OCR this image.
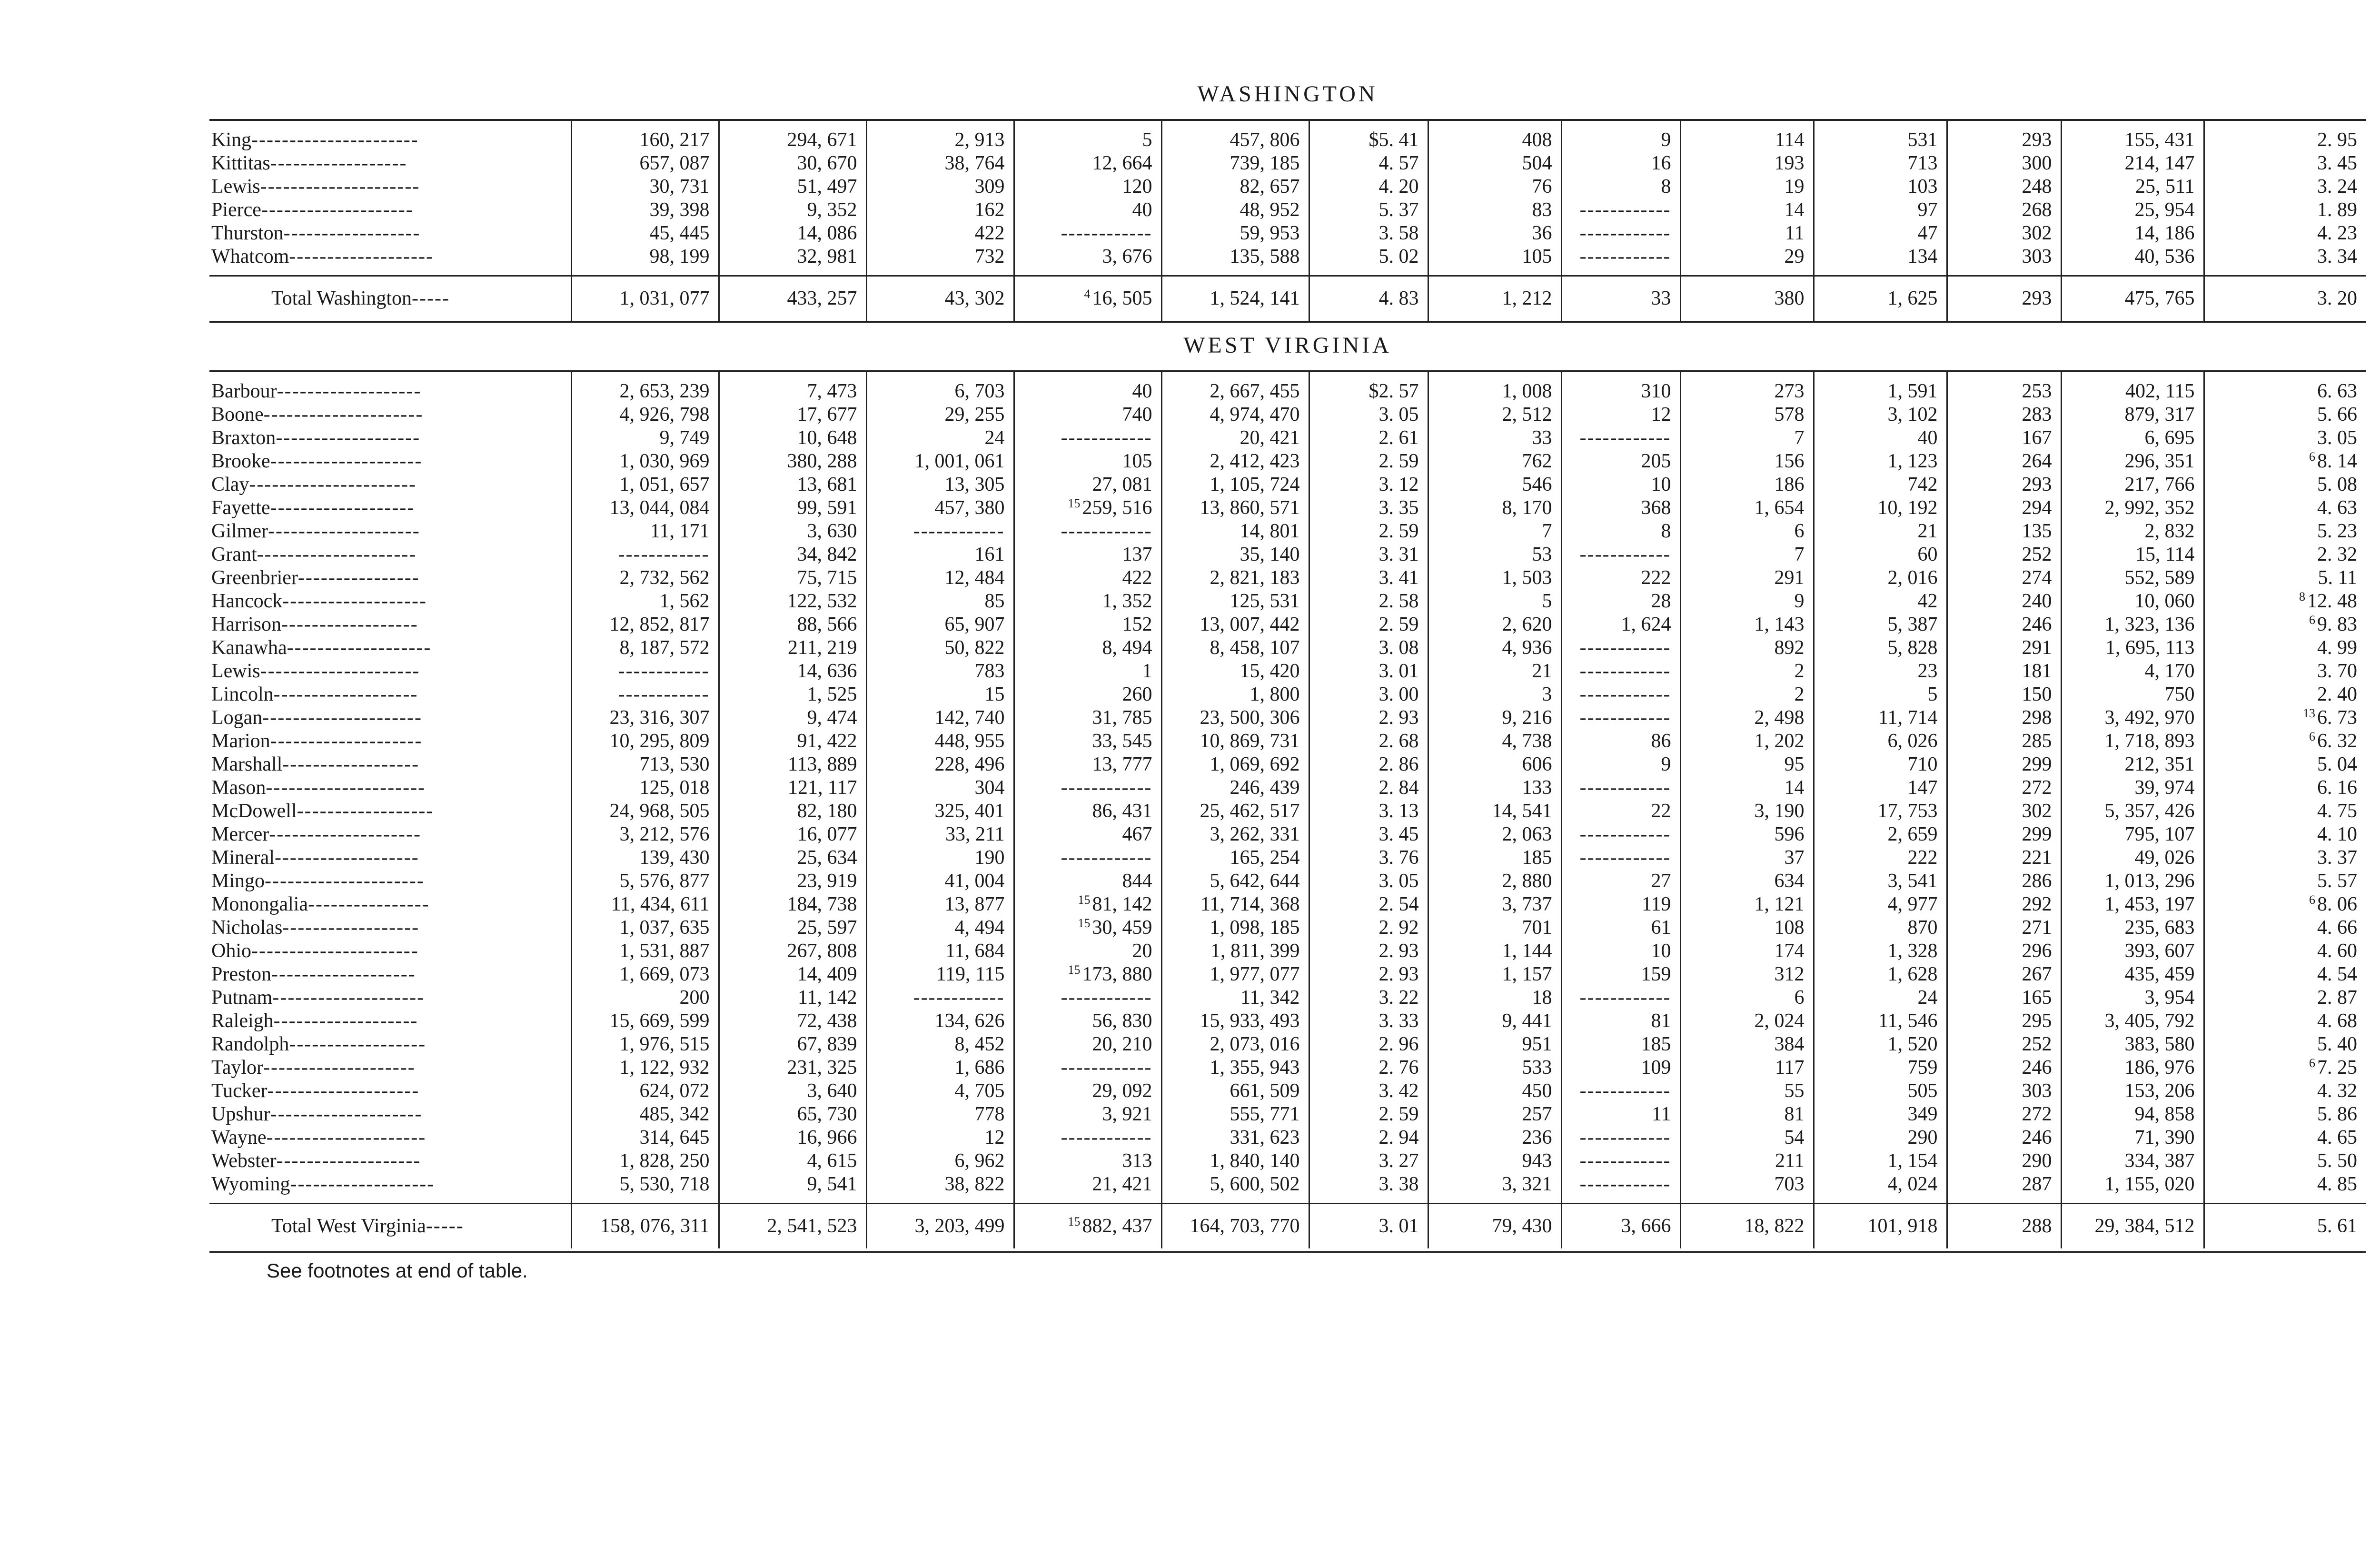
WASHINGTON
King----------------------	160, 217	294, 671	2, 913	5	457, 806	$5. 41	408	9	114	531	293	155, 431	2. 95
Kittitas------------------	657, 087	30, 670	38, 764	12, 664	739, 185	4. 57	504	16	193	713	300	214, 147	3. 45
Lewis---------------------	30, 731	51, 497	309	120	82, 657	4. 20	76	8	19	103	248	25, 511	3. 24
Pierce--------------------	39, 398	9, 352	162	40	48, 952	5. 37	83	------------	14	97	268	25, 954	1. 89
Thurston------------------	45, 445	14, 086	422	------------	59, 953	3. 58	36	------------	11	47	302	14, 186	4. 23
Whatcom-------------------	98, 199	32, 981	732	3, 676	135, 588	5. 02	105	------------	29	134	303	40, 536	3. 34
Total Washington-----	1, 031, 077	433, 257	43, 302	$^4$16, 505	1, 524, 141	4. 83	1, 212	33	380	1, 625	293	475, 765	3. 20
WEST VIRGINIA
Barbour-------------------	2, 653, 239	7, 473	6, 703	40	2, 667, 455	$2. 57	1, 008	310	273	1, 591	253	402, 115	6. 63
Boone---------------------	4, 926, 798	17, 677	29, 255	740	4, 974, 470	3. 05	2, 512	12	578	3, 102	283	879, 317	5. 66
Braxton-------------------	9, 749	10, 648	24	------------	20, 421	2. 61	33	------------	7	40	167	6, 695	3. 05
Brooke--------------------	1, 030, 969	380, 288	1, 001, 061	105	2, 412, 423	2. 59	762	205	156	1, 123	264	296, 351	$^6$8. 14
Clay----------------------	1, 051, 657	13, 681	13, 305	27, 081	1, 105, 724	3. 12	546	10	186	742	293	217, 766	5. 08
Fayette-------------------	13, 044, 084	99, 591	457, 380	$^{15}$259, 516	13, 860, 571	3. 35	8, 170	368	1, 654	10, 192	294	2, 992, 352	4. 63
Gilmer--------------------	11, 171	3, 630	------------	------------	14, 801	2. 59	7	8	6	21	135	2, 832	5. 23
Grant---------------------	------------	34, 842	161	137	35, 140	3. 31	53	------------	7	60	252	15, 114	2. 32
Greenbrier----------------	2, 732, 562	75, 715	12, 484	422	2, 821, 183	3. 41	1, 503	222	291	2, 016	274	552, 589	5. 11
Hancock-------------------	1, 562	122, 532	85	1, 352	125, 531	2. 58	5	28	9	42	240	10, 060	$^8$12. 48
Harrison------------------	12, 852, 817	88, 566	65, 907	152	13, 007, 442	2. 59	2, 620	1, 624	1, 143	5, 387	246	1, 323, 136	$^6$9. 83
Kanawha-------------------	8, 187, 572	211, 219	50, 822	8, 494	8, 458, 107	3. 08	4, 936	------------	892	5, 828	291	1, 695, 113	4. 99
Lewis---------------------	------------	14, 636	783	1	15, 420	3. 01	21	------------	2	23	181	4, 170	3. 70
Lincoln-------------------	------------	1, 525	15	260	1, 800	3. 00	3	------------	2	5	150	750	2. 40
Logan---------------------	23, 316, 307	9, 474	142, 740	31, 785	23, 500, 306	2. 93	9, 216	------------	2, 498	11, 714	298	3, 492, 970	$^{13}$6. 73
Marion--------------------	10, 295, 809	91, 422	448, 955	33, 545	10, 869, 731	2. 68	4, 738	86	1, 202	6, 026	285	1, 718, 893	$^6$6. 32
Marshall------------------	713, 530	113, 889	228, 496	13, 777	1, 069, 692	2. 86	606	9	95	710	299	212, 351	5. 04
Mason---------------------	125, 018	121, 117	304	------------	246, 439	2. 84	133	------------	14	147	272	39, 974	6. 16
McDowell------------------	24, 968, 505	82, 180	325, 401	86, 431	25, 462, 517	3. 13	14, 541	22	3, 190	17, 753	302	5, 357, 426	4. 75
Mercer--------------------	3, 212, 576	16, 077	33, 211	467	3, 262, 331	3. 45	2, 063	------------	596	2, 659	299	795, 107	4. 10
Mineral-------------------	139, 430	25, 634	190	------------	165, 254	3. 76	185	------------	37	222	221	49, 026	3. 37
Mingo---------------------	5, 576, 877	23, 919	41, 004	844	5, 642, 644	3. 05	2, 880	27	634	3, 541	286	1, 013, 296	5. 57
Monongalia----------------	11, 434, 611	184, 738	13, 877	$^{15}$81, 142	11, 714, 368	2. 54	3, 737	119	1, 121	4, 977	292	1, 453, 197	$^6$8. 06
Nicholas------------------	1, 037, 635	25, 597	4, 494	$^{15}$30, 459	1, 098, 185	2. 92	701	61	108	870	271	235, 683	4. 66
Ohio----------------------	1, 531, 887	267, 808	11, 684	20	1, 811, 399	2. 93	1, 144	10	174	1, 328	296	393, 607	4. 60
Preston-------------------	1, 669, 073	14, 409	119, 115	$^{15}$173, 880	1, 977, 077	2. 93	1, 157	159	312	1, 628	267	435, 459	4. 54
Putnam--------------------	200	11, 142	------------	------------	11, 342	3. 22	18	------------	6	24	165	3, 954	2. 87
Raleigh-------------------	15, 669, 599	72, 438	134, 626	56, 830	15, 933, 493	3. 33	9, 441	81	2, 024	11, 546	295	3, 405, 792	4. 68
Randolph------------------	1, 976, 515	67, 839	8, 452	20, 210	2, 073, 016	2. 96	951	185	384	1, 520	252	383, 580	5. 40
Taylor--------------------	1, 122, 932	231, 325	1, 686	------------	1, 355, 943	2. 76	533	109	117	759	246	186, 976	$^6$7. 25
Tucker--------------------	624, 072	3, 640	4, 705	29, 092	661, 509	3. 42	450	------------	55	505	303	153, 206	4. 32
Upshur--------------------	485, 342	65, 730	778	3, 921	555, 771	2. 59	257	11	81	349	272	94, 858	5. 86
Wayne---------------------	314, 645	16, 966	12	------------	331, 623	2. 94	236	------------	54	290	246	71, 390	4. 65
Webster-------------------	1, 828, 250	4, 615	6, 962	313	1, 840, 140	3. 27	943	------------	211	1, 154	290	334, 387	5. 50
Wyoming-------------------	5, 530, 718	9, 541	38, 822	21, 421	5, 600, 502	3. 38	3, 321	------------	703	4, 024	287	1, 155, 020	4. 85
Total West Virginia-----	158, 076, 311	2, 541, 523	3, 203, 499	$^{15}$882, 437	164, 703, 770	3. 01	79, 430	3, 666	18, 822	101, 918	288	29, 384, 512	5. 61
See footnotes at end of table.
